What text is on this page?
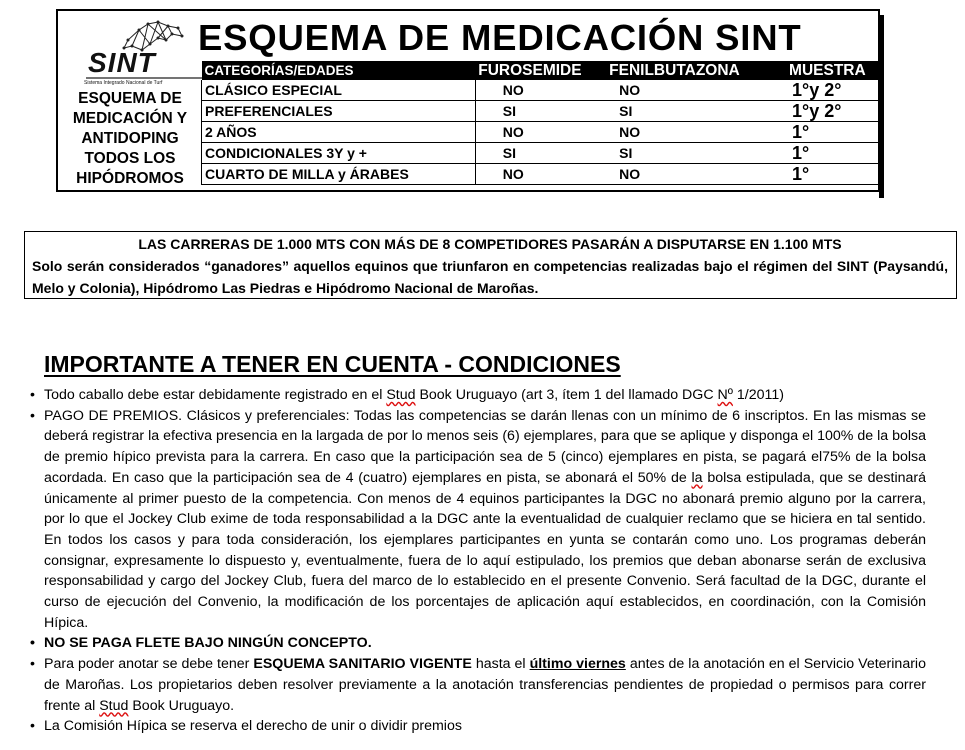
SINT
Sistema Integrado Nacional de Turf
ESQUEMA DE MEDICACIÓN Y ANTIDOPING TODOS LOS HIPÓDROMOS
ESQUEMA DE MEDICACIÓN SINT
CATEGORÍAS/EDADES	FUROSEMIDE	FENILBUTAZONA	MUESTRA
CLÁSICO ESPECIAL	NO	NO	1°y 2°
PREFERENCIALES	SI	SI	1°y 2°
2 AÑOS	NO	NO	1°
CONDICIONALES 3Y y +	SI	SI	1°
CUARTO DE MILLA y ÁRABES	NO	NO	1°
LAS CARRERAS DE 1.000 MTS CON MÁS DE 8 COMPETIDORES PASARÁN A DISPUTARSE EN 1.100 MTS
Solo serán considerados “ganadores” aquellos equinos que triunfaron en competencias realizadas bajo el régimen del SINT (Paysandú, Melo y Colonia), Hipódromo Las Piedras e Hipódromo Nacional de Maroñas.
IMPORTANTE A TENER EN CUENTA - CONDICIONES
• Todo caballo debe estar debidamente registrado en el Stud Book Uruguayo (art 3, ítem 1 del llamado DGC Nº 1/2011)
• PAGO DE PREMIOS. Clásicos y preferenciales: Todas las competencias se darán llenas con un mínimo de 6 inscriptos. En las mismas se deberá registrar la efectiva presencia en la largada de por lo menos seis (6) ejemplares, para que se aplique y disponga el 100% de la bolsa de premio hípico prevista para la carrera. En caso que la participación sea de 5 (cinco) ejemplares en pista, se pagará el75% de la bolsa acordada. En caso que la participación sea de 4 (cuatro) ejemplares en pista, se abonará el 50% de la bolsa estipulada, que se destinará únicamente al primer puesto de la competencia. Con menos de 4 equinos participantes la DGC no abonará premio alguno por la carrera, por lo que el Jockey Club exime de toda responsabilidad a la DGC ante la eventualidad de cualquier reclamo que se hiciera en tal sentido. En todos los casos y para toda consideración, los ejemplares participantes en yunta se contarán como uno. Los programas deberán consignar, expresamente lo dispuesto y, eventualmente, fuera de lo aquí estipulado, los premios que deban abonarse serán de exclusiva responsabilidad y cargo del Jockey Club, fuera del marco de lo establecido en el presente Convenio. Será facultad de la DGC, durante el curso de ejecución del Convenio, la modificación de los porcentajes de aplicación aquí establecidos, en coordinación, con la Comisión Hípica.
• NO SE PAGA FLETE BAJO NINGÚN CONCEPTO.
• Para poder anotar se debe tener ESQUEMA SANITARIO VIGENTE hasta el último viernes antes de la anotación en el Servicio Veterinario de Maroñas. Los propietarios deben resolver previamente a la anotación transferencias pendientes de propiedad o permisos para correr frente al Stud Book Uruguayo.
• La Comisión Hípica se reserva el derecho de unir o dividir premios
